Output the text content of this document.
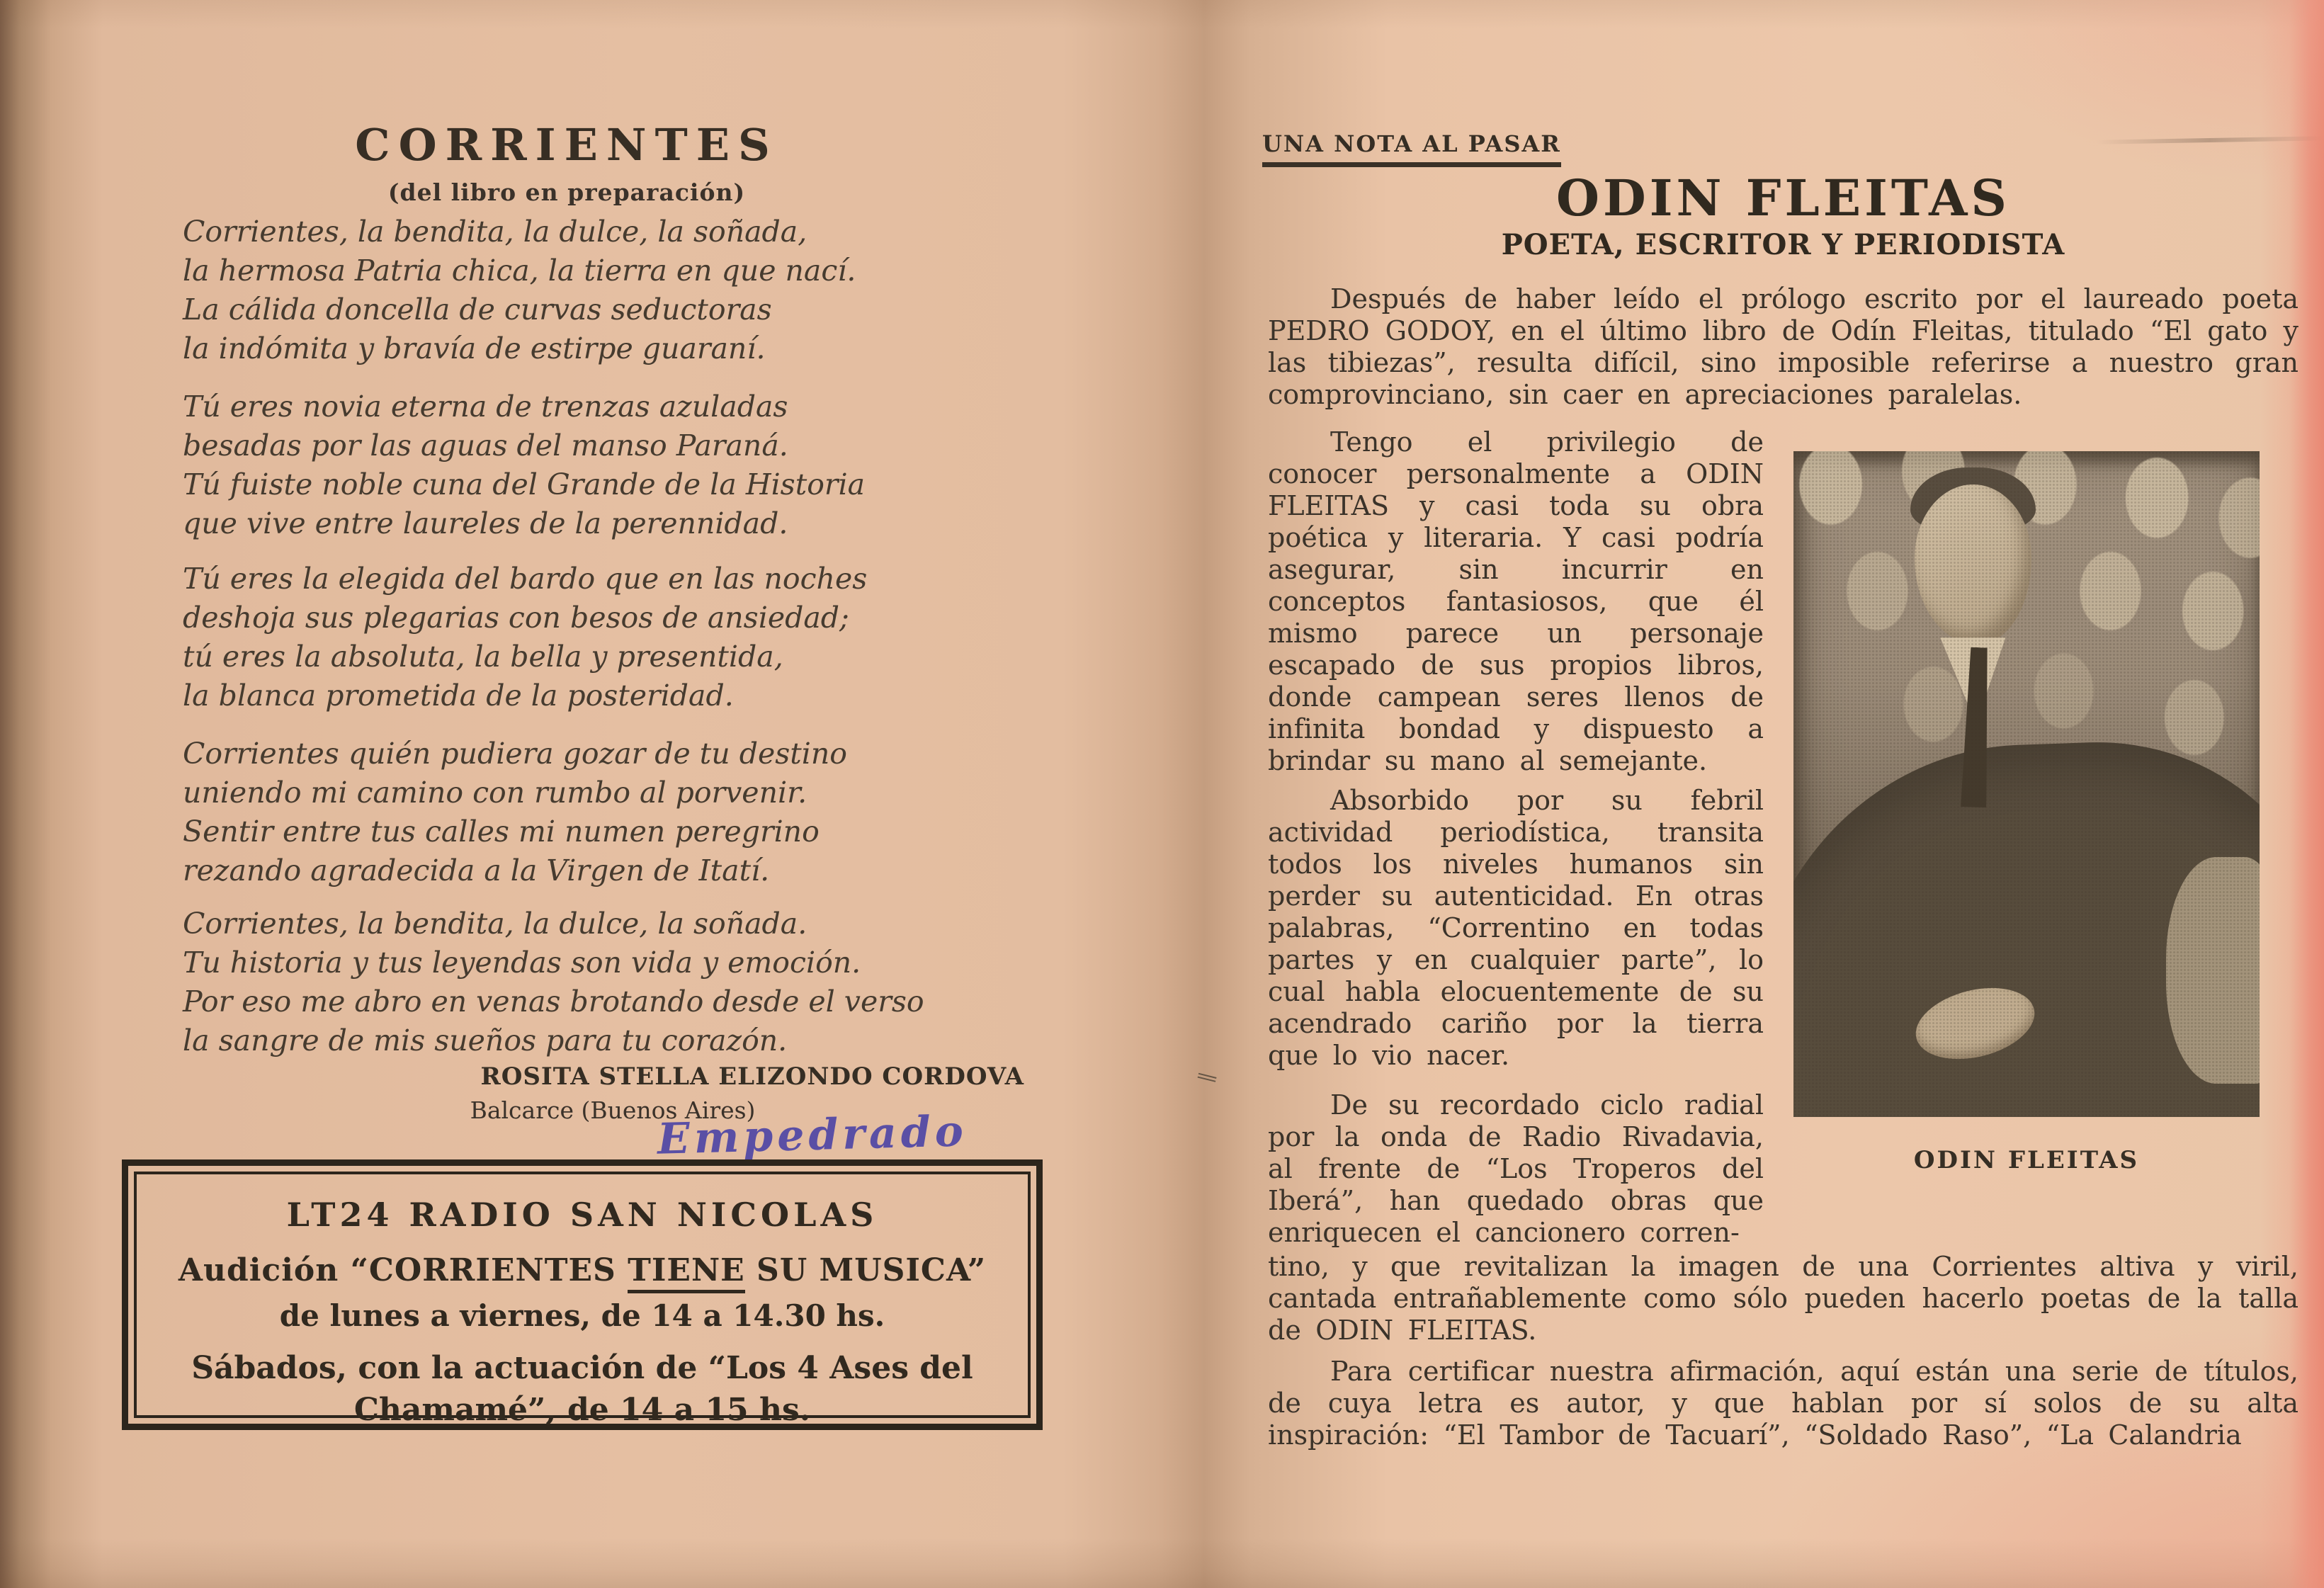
CORRIENTES
(del libro en preparación)
Corrientes, la bendita, la dulce, la soñada,
la hermosa Patria chica, la tierra en que nací.
La cálida doncella de curvas seductoras
la indómita y bravía de estirpe guaraní.
Tú eres novia eterna de trenzas azuladas
besadas por las aguas del manso Paraná.
Tú fuiste noble cuna del Grande de la Historia
que vive entre laureles de la perennidad.
Tú eres la elegida del bardo que en las noches
deshoja sus plegarias con besos de ansiedad;
tú eres la absoluta, la bella y presentida,
la blanca prometida de la posteridad.
Corrientes quién pudiera gozar de tu destino
uniendo mi camino con rumbo al porvenir.
Sentir entre tus calles mi numen peregrino
rezando agradecida a la Virgen de Itatí.
Corrientes, la bendita, la dulce, la soñada.
Tu historia y tus leyendas son vida y emoción.
Por eso me abro en venas brotando desde el verso
la sangre de mis sueños para tu corazón.
ROSITA STELLA ELIZONDO CORDOVA
Balcarce (Buenos Aires)
Empedrado
LT24 RADIO SAN NICOLAS
Audición “CORRIENTES TIENE SU MUSICA”
de lunes a viernes, de 14 a 14.30 hs.
Sábados, con la actuación de “Los 4 Ases del
Chamamé”, de 14 a 15 hs.
UNA NOTA AL PASAR
ODIN FLEITAS
POETA, ESCRITOR Y PERIODISTA
Después de haber leído el prólogo escrito por el laureado poeta PEDRO GODOY, en el último libro de Odín Fleitas, titulado “El gato y las tibiezas”, resulta difícil, sino imposible referirse a nuestro gran comprovinciano, sin caer en apreciaciones paralelas.
Tengo el privilegio de conocer personalmente a ODIN FLEITAS y casi toda su obra poética y literaria. Y casi podría asegurar, sin incurrir en conceptos fantasiosos, que él mismo parece un personaje escapado de sus propios libros, donde campean seres llenos de infinita bondad y dispuesto a brindar su mano al semejante.
Absorbido por su febril actividad periodística, transita todos los niveles humanos sin perder su autenticidad. En otras palabras, “Correntino en todas partes y en cualquier parte”, lo cual habla elocuentemente de su acendrado cariño por la tierra que lo vio nacer.
De su recordado ciclo radial por la onda de Radio Rivadavia, al frente de “Los Troperos del Iberá”, han quedado obras que enriquecen el cancionero corren-
tino, y que revitalizan la imagen de una Corrientes altiva y viril, cantada entrañablemente como sólo pueden hacerlo poetas de la talla de ODIN FLEITAS.
Para certificar nuestra afirmación, aquí están una serie de títulos, de cuya letra es autor, y que hablan por sí solos de su alta inspiración: “El Tambor de Tacuarí”, “Soldado Raso”, “La Calandria
ODIN FLEITAS
